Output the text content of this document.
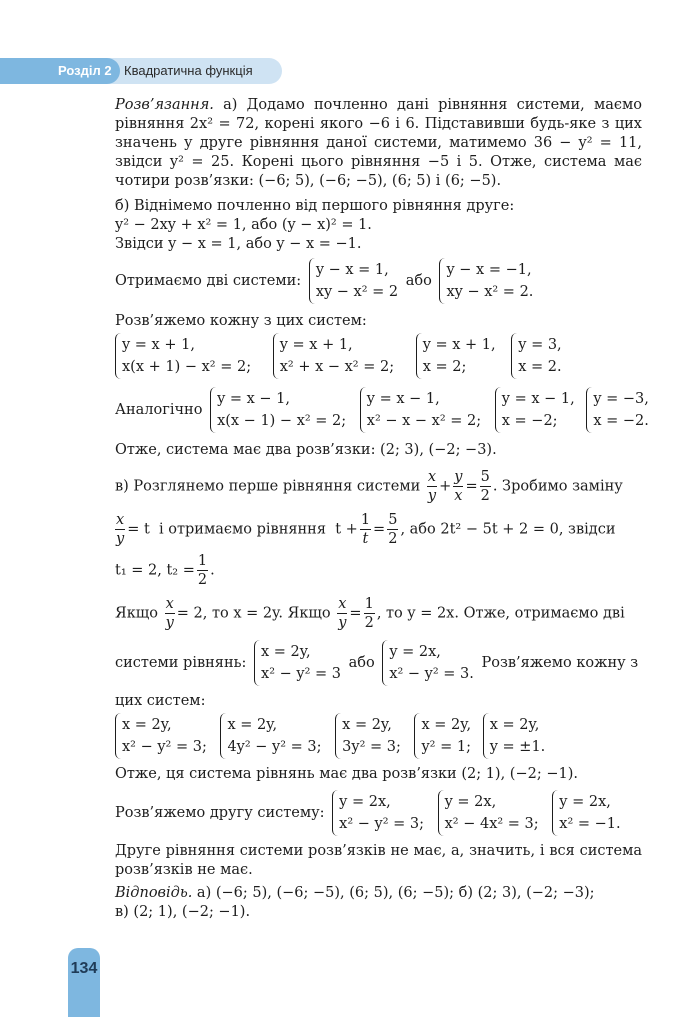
Розділ 2 Квадратична функція
Розв’язання. а) Додамо почленно дані рівняння системи, маємо
рівняння 2x² = 72, корені якого −6 і 6. Підставивши будь-яке з цих
значень у друге рівняння даної системи, матимемо 36 − y² = 11,
звідси y² = 25. Корені цього рівняння −5 і 5. Отже, система має
чотири розв’язки: (−6; 5), (−6; −5), (6; 5) і (6; −5).
б) Віднімемо почленно від першого рівняння друге:
y² − 2xy + x² = 1, або (y − x)² = 1.
Звідси y − x = 1, або y − x = −1.
Отримаємо дві системи:
y − x = 1,
xy − x² = 2
або
y − x = −1,
xy − x² = 2.
Розв’яжемо кожну з цих систем:
y = x + 1,
x(x + 1) − x² = 2;

y = x + 1,
x² + x − x² = 2;

y = x + 1,
x = 2;

y = 3,
x = 2.
Аналогічно
y = x − 1,
x(x − 1) − x² = 2;

y = x − 1,
x² − x − x² = 2;

y = x − 1,
x = −2;

y = −3,
x = −2.
Отже, система має два розв’язки: (2; 3), (−2; −3).
в) Розглянемо перше рівняння системи $\frac{x}{y} + \frac{y}{x} = \frac{5}{2}$ . Зробимо заміну
$\frac{x}{y} = t$ і отримаємо рівняння $t + \frac{1}{t} = \frac{5}{2}$ , або 2t² − 5t + 2 = 0, звідси
t₁ = 2, $t_2 = \frac{1}{2}$ .
Якщо $\frac{x}{y} = 2$, то x = 2y. Якщо $\frac{x}{y} = \frac{1}{2}$ , то y = 2x. Отже, отримаємо дві
системи рівнянь:
x = 2y,
x² − y² = 3
або
y = 2x,
x² − y² = 3.
Розв’яжемо кожну з
цих систем:
x = 2y,
x² − y² = 3;

x = 2y,
4y² − y² = 3;

x = 2y,
3y² = 3;

x = 2y,
y² = 1;

x = 2y,
y = ±1.
Отже, ця система рівнянь має два розв’язки (2; 1), (−2; −1).
Розв’яжемо другу систему:
y = 2x,
x² − y² = 3;

y = 2x,
x² − 4x² = 3;

y = 2x,
x² = −1.
Друге рівняння системи розв’язків не має, а, значить, і вся система
розв’язків не має.
Відповідь. а) (−6; 5), (−6; −5), (6; 5), (6; −5); б) (2; 3), (−2; −3);
в) (2; 1), (−2; −1).
134
